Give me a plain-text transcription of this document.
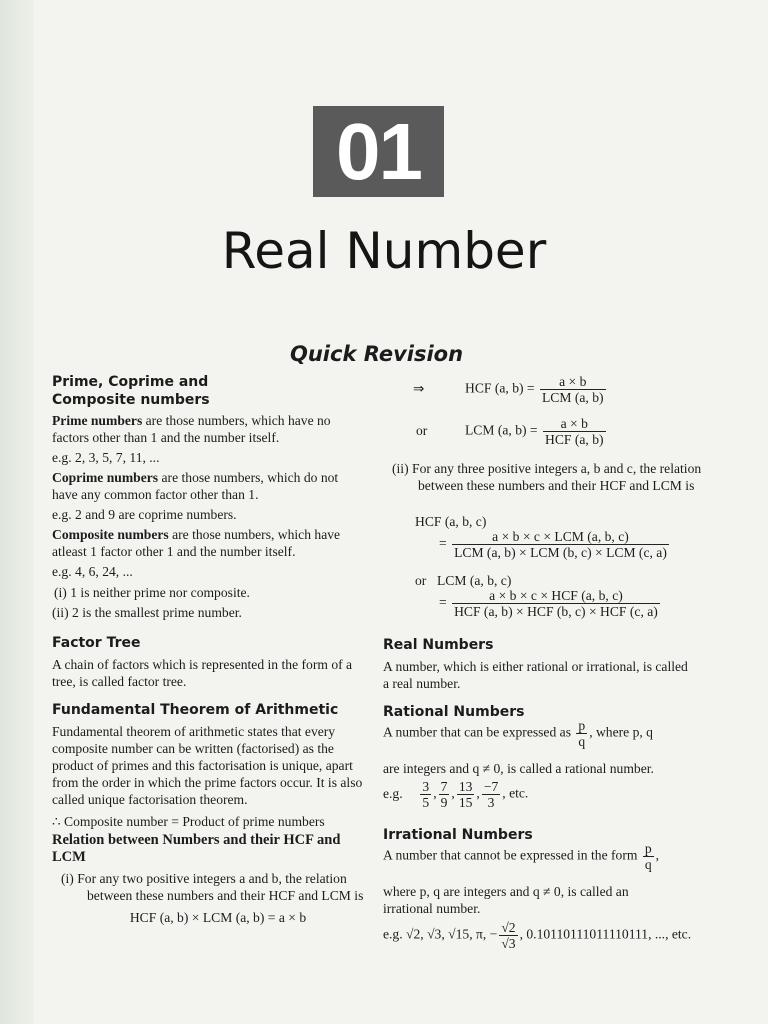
01
Real Number
Quick Revision

Prime, Coprime and

Composite numbers

Prime numbers are those numbers, which have no factors other than 1 and the number itself.

e.g. 2, 3, 5, 7, 11, ...

Coprime numbers are those numbers, which do not have any common factor other than 1.

e.g. 2 and 9 are coprime numbers.

Composite numbers are those numbers, which have atleast 1 factor other 1 and the number itself.

e.g. 4, 6, 24, ...

(i) 1 is neither prime nor composite.

(ii) 2 is the smallest prime number.

Factor Tree

A chain of factors which is represented in the form of a tree, is called factor tree.

Fundamental Theorem of Arithmetic

Fundamental theorem of arithmetic states that every composite number can be written (factorised) as the product of primes and this factorisation is unique, apart from the order in which the prime factors occur. It is also called unique factorisation theorem.

∴ Composite number = Product of prime numbers

Relation between Numbers and their HCF and LCM

(i) For any two positive integers a and b, the relation between these numbers and their HCF and LCM is

HCF (a, b) × LCM (a, b) = a × b

⇒	HCF (a, $b) = \frac{a \times b}{\text{LCM (a, b)}}$
or	LCM (a, $b) = \frac{a \times b}{\text{HCF (a, b)}}$

(ii) For any three positive integers a, b and c, the relation between these numbers and their HCF and LCM is

HCF (a, b, c)

= $\frac{\text{a × b × c × LCM (a, b, c)}}{\text{LCM (a, b) × LCM (b, c) × LCM (c, a)}}$

or LCM (a, b, c)

= $\frac{\text{a × b × c × HCF (a, b, c)}}{\text{HCF (a, b) × HCF (b, c) × HCF (c, a)}}$

Real Numbers

A number, which is either rational or irrational, is called a real number.

Rational Numbers

A number that can be expressed as $\frac{p}{q}$ , where p, q

are integers and q ≠ 0, is called a rational number.

e.g. $\frac{3}{5}$ , $\frac{7}{9}$ , $\frac{13}{15}$ , $\frac{-7}{3}$ , etc.

Irrational Numbers

A number that cannot be expressed in the form $\frac{p}{q}$ ,

where p, q are integers and q ≠ 0, is called an irrational number.

e.g. √2, √3, √15, π, − $\frac{√2}{√3}$ , 0.10110111011110111, ..., etc.
